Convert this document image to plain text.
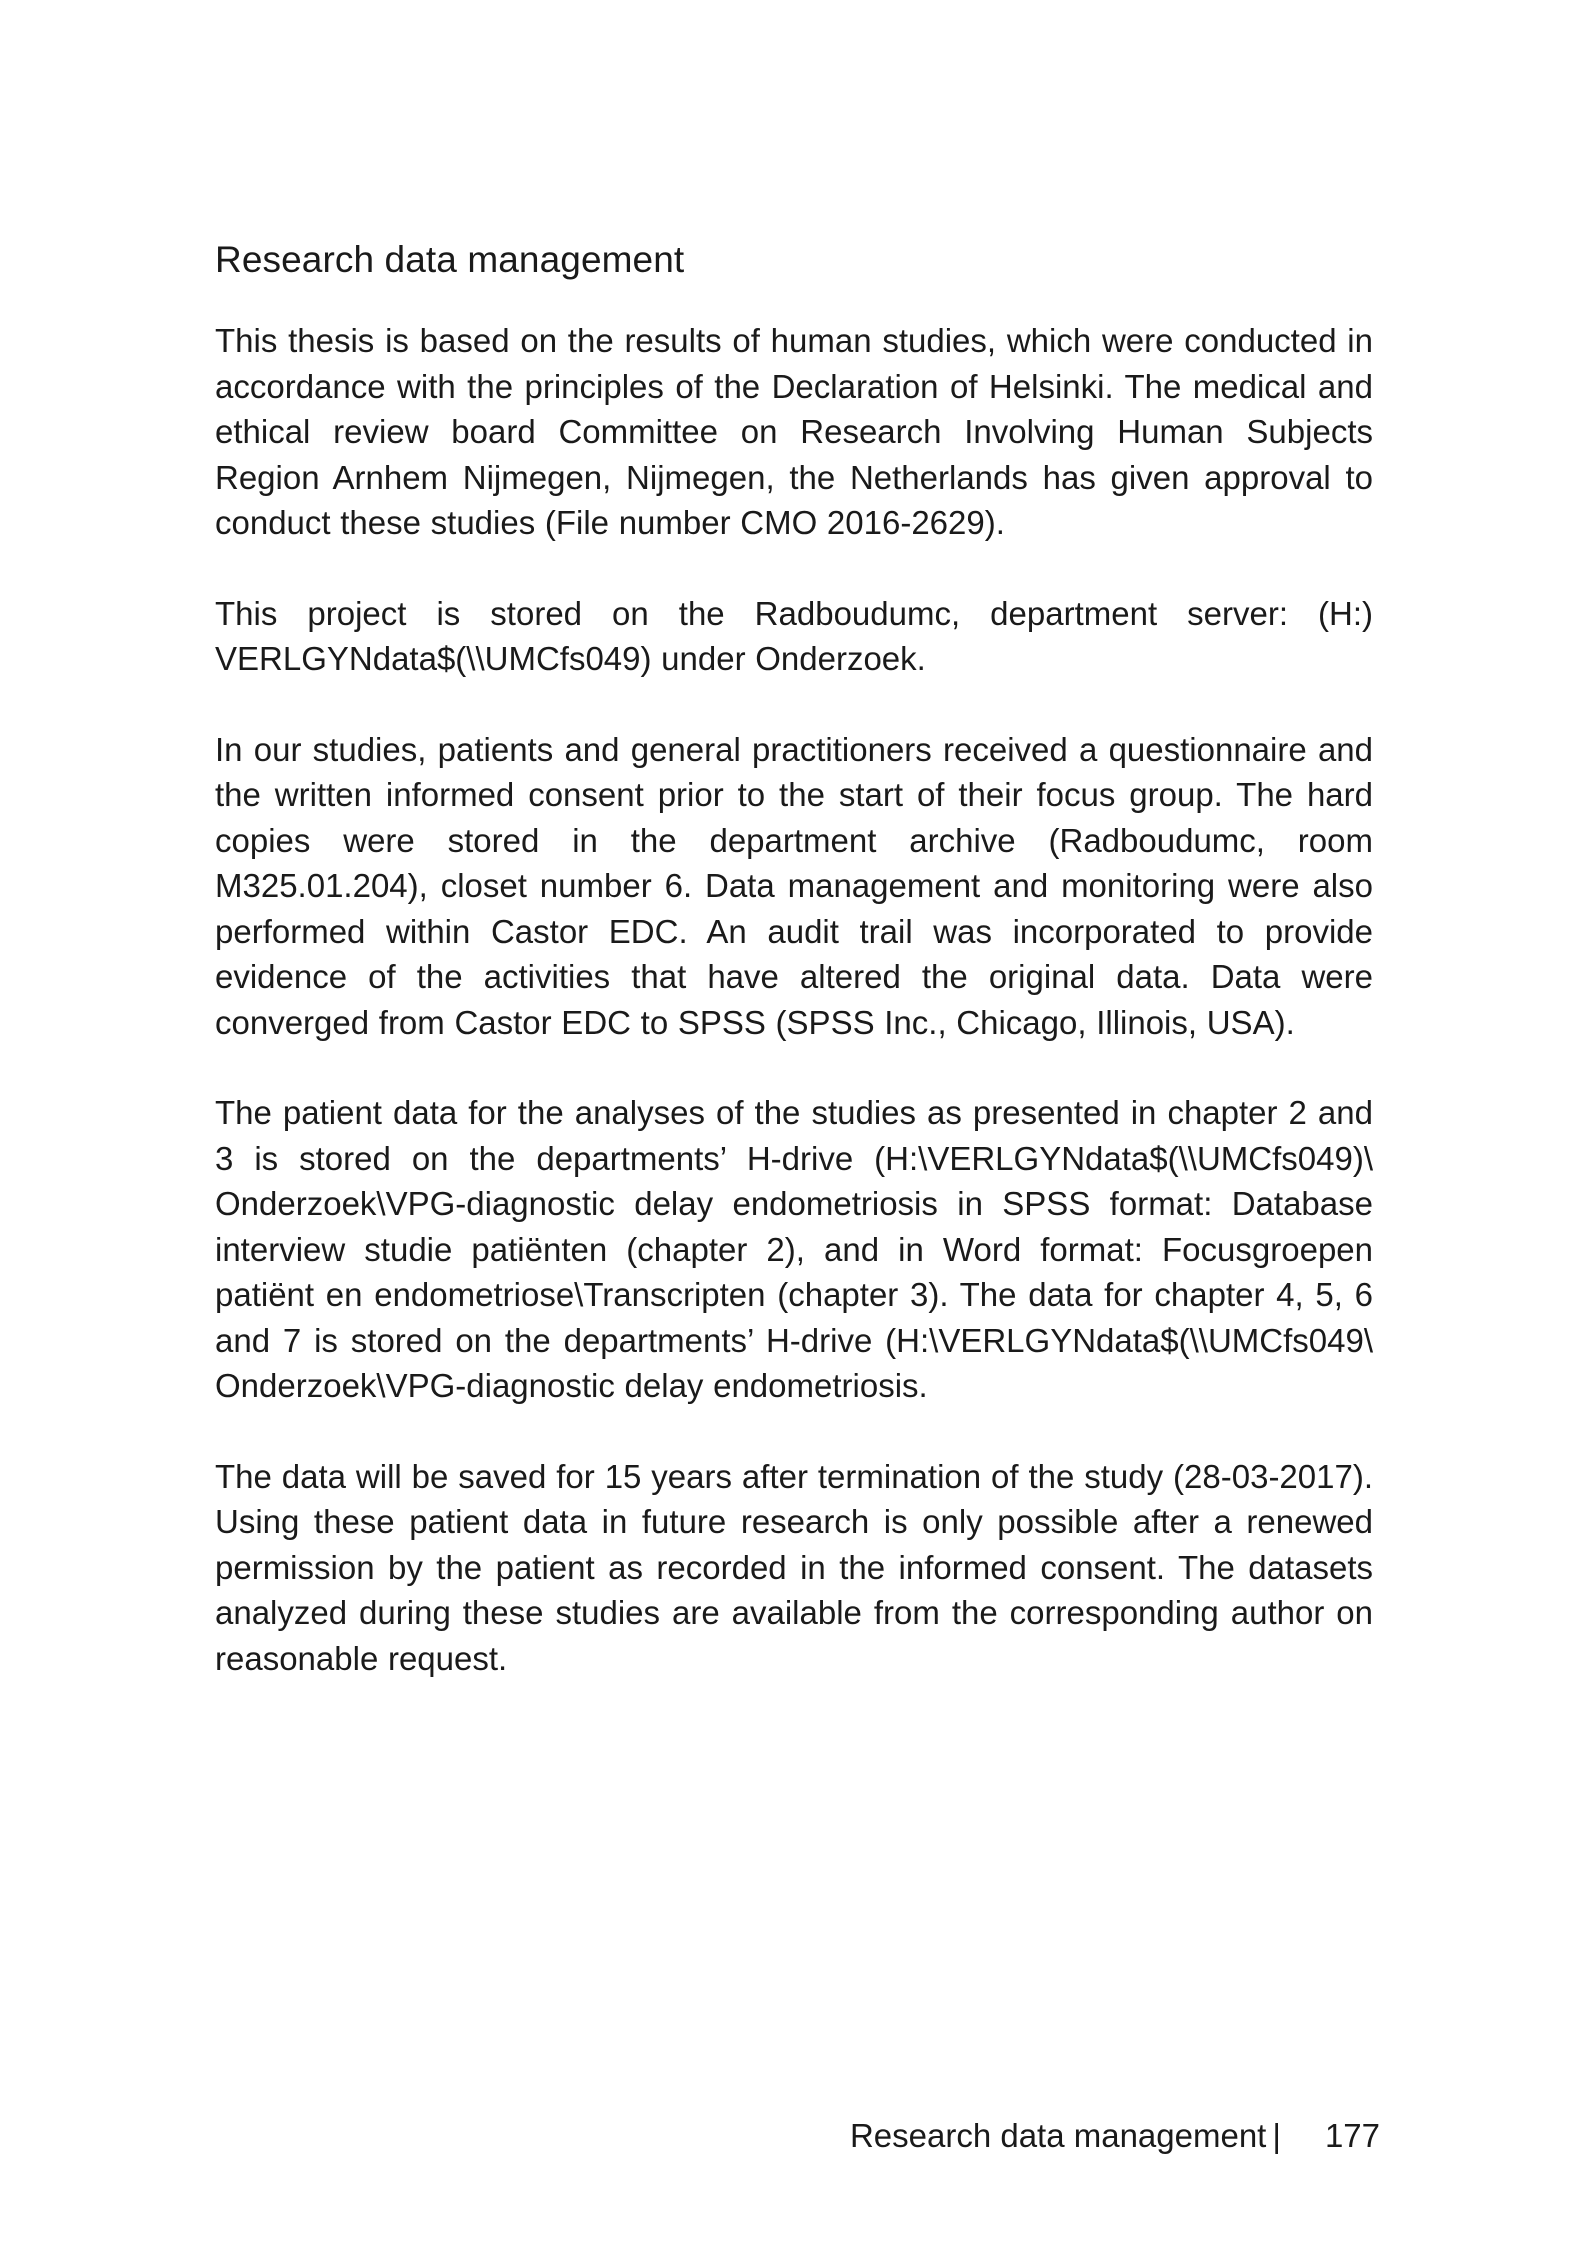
Research data management

This thesis is based on the results of human studies, which were conducted in accordance with the principles of the Declaration of Helsinki. The medical and ethical review board Committee on Research Involving Human Subjects Region Arnhem Nijmegen, Nijmegen, the Netherlands has given approval to conduct these studies (File number CMO 2016-2629).

This project is stored on the Radboudumc, department server: (H:) VERLGYNdata$(\\UMCfs049) under Onderzoek.

In our studies, patients and general practitioners received a questionnaire and the written informed consent prior to the start of their focus group. The hard copies were stored in the department archive (Radboudumc, room M325.01.204), closet number 6. Data management and monitoring were also performed within Castor EDC. An audit trail was incorporated to provide evidence of the activities that have altered the original data. Data were converged from Castor EDC to SPSS (SPSS Inc., Chicago, Illinois, USA).

The patient data for the analyses of the studies as presented in chapter 2 and 3 is stored on the departments’ H-drive (H:\VERLGYNdata$(\\UMCfs049)\ Onderzoek\VPG-diagnostic delay endometriosis in SPSS format: Database interview studie patiënten (chapter 2), and in Word format: Focusgroepen patiënt en endometriose\Transcripten (chapter 3). The data for chapter 4, 5, 6 and 7 is stored on the departments’ H-drive (H:\VERLGYNdata$(\\UMCfs049\ Onderzoek\VPG-diagnostic delay endometriosis.

The data will be saved for 15 years after termination of the study (28-03-2017). Using these patient data in future research is only possible after a renewed permission by the patient as recorded in the informed consent. The datasets analyzed during these studies are available from the corresponding author on reasonable request.

Research data management | 177
